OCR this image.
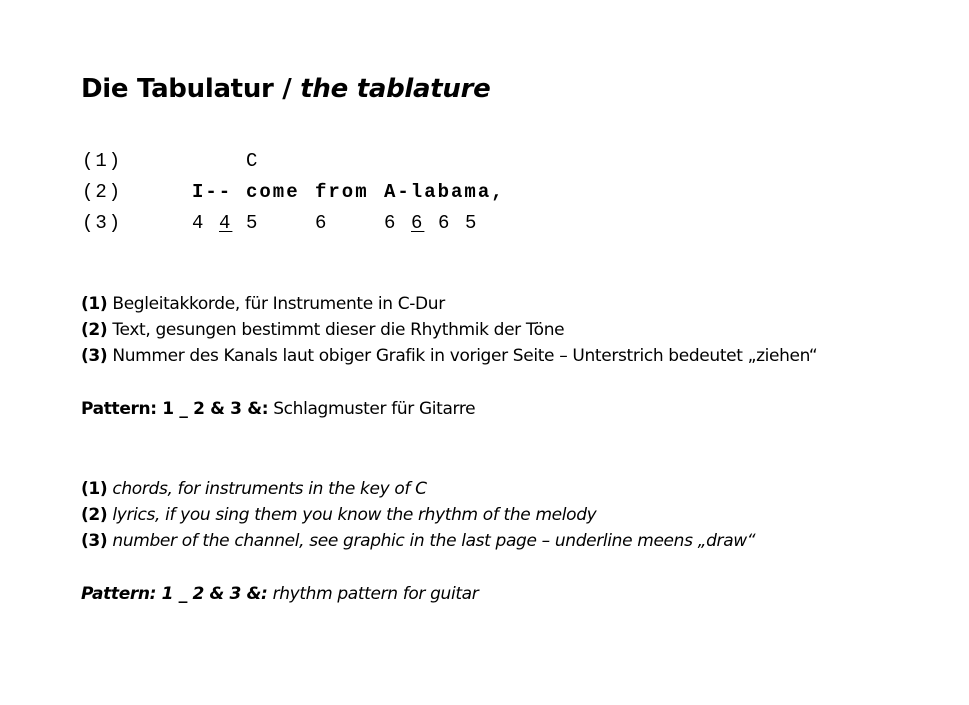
Die Tabulatur / the tablature
(1)	C
(2)	I-- come from A-labama,
(3)	4 4 5	6	6 6 6 5
(1) Begleitakkorde, für Instrumente in C-Dur
(2) Text, gesungen bestimmt dieser die Rhythmik der Töne
(3) Nummer des Kanals laut obiger Grafik in voriger Seite – Unterstrich bedeutet „ziehen“
Pattern: 1 _ 2 & 3 &: Schlagmuster für Gitarre
(1) chords, for instruments in the key of C
(2) lyrics, if you sing them you know the rhythm of the melody
(3) number of the channel, see graphic in the last page – underline meens „draw“
Pattern: 1 _ 2 & 3 &: rhythm pattern for guitar
